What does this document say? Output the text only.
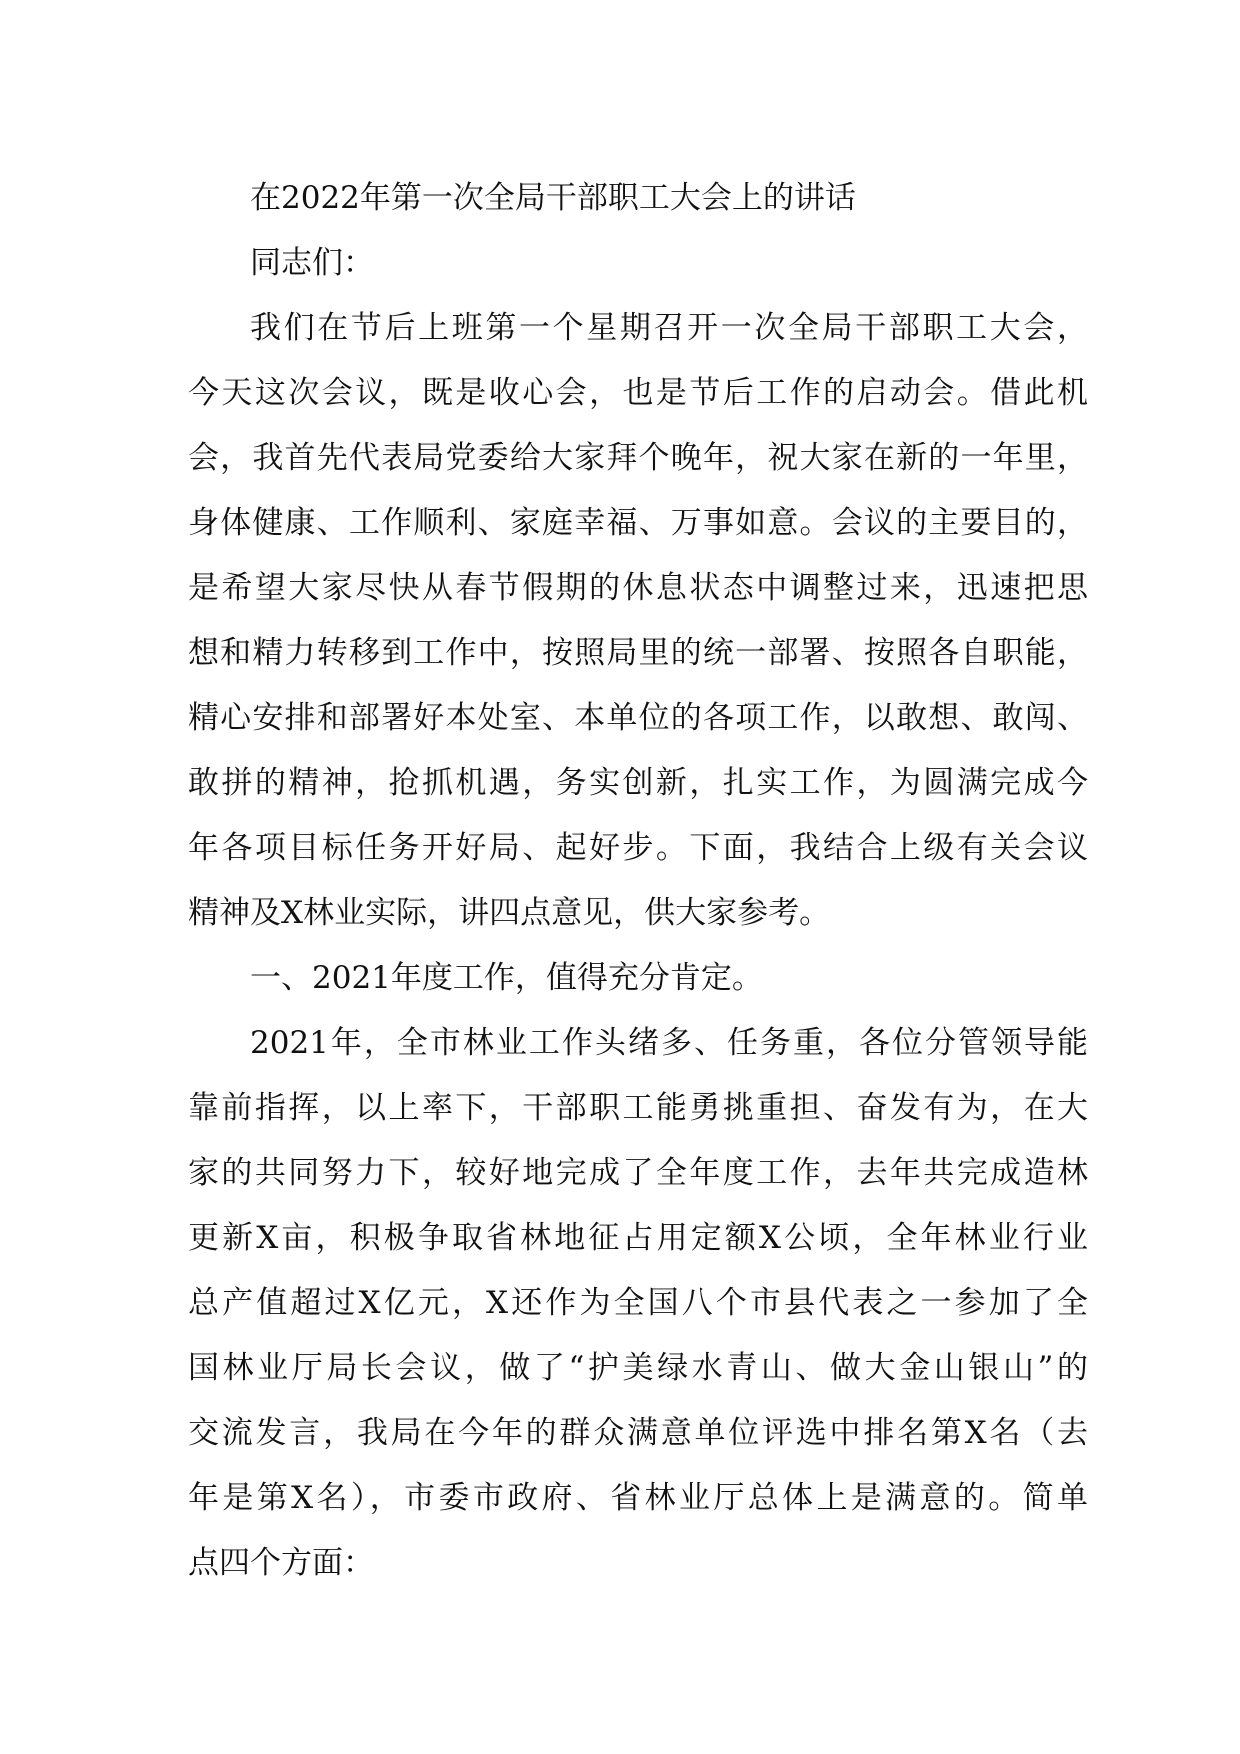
在2022年第一次全局干部职工大会上的讲话
同志们：
我们在节后上班第一个星期召开一次全局干部职工大会，
今天这次会议，既是收心会，也是节后工作的启动会。借此机
会，我首先代表局党委给大家拜个晚年，祝大家在新的一年里，
身体健康、工作顺利、家庭幸福、万事如意。会议的主要目的，
是希望大家尽快从春节假期的休息状态中调整过来，迅速把思
想和精力转移到工作中，按照局里的统一部署、按照各自职能，
精心安排和部署好本处室、本单位的各项工作，以敢想、敢闯、
敢拼的精神，抢抓机遇，务实创新，扎实工作，为圆满完成今
年各项目标任务开好局、起好步。下面，我结合上级有关会议
精神及X林业实际，讲四点意见，供大家参考。
一、2021年度工作，值得充分肯定。
2021年，全市林业工作头绪多、任务重，各位分管领导能
靠前指挥，以上率下，干部职工能勇挑重担、奋发有为，在大
家的共同努力下，较好地完成了全年度工作，去年共完成造林
更新X亩，积极争取省林地征占用定额X公顷，全年林业行业
总产值超过X亿元，X还作为全国八个市县代表之一参加了全
国林业厅局长会议，做了“护美绿水青山、做大金山银山”的
交流发言，我局在今年的群众满意单位评选中排名第X名（去
年是第X名），市委市政府、省林业厅总体上是满意的。简单
点四个方面：
